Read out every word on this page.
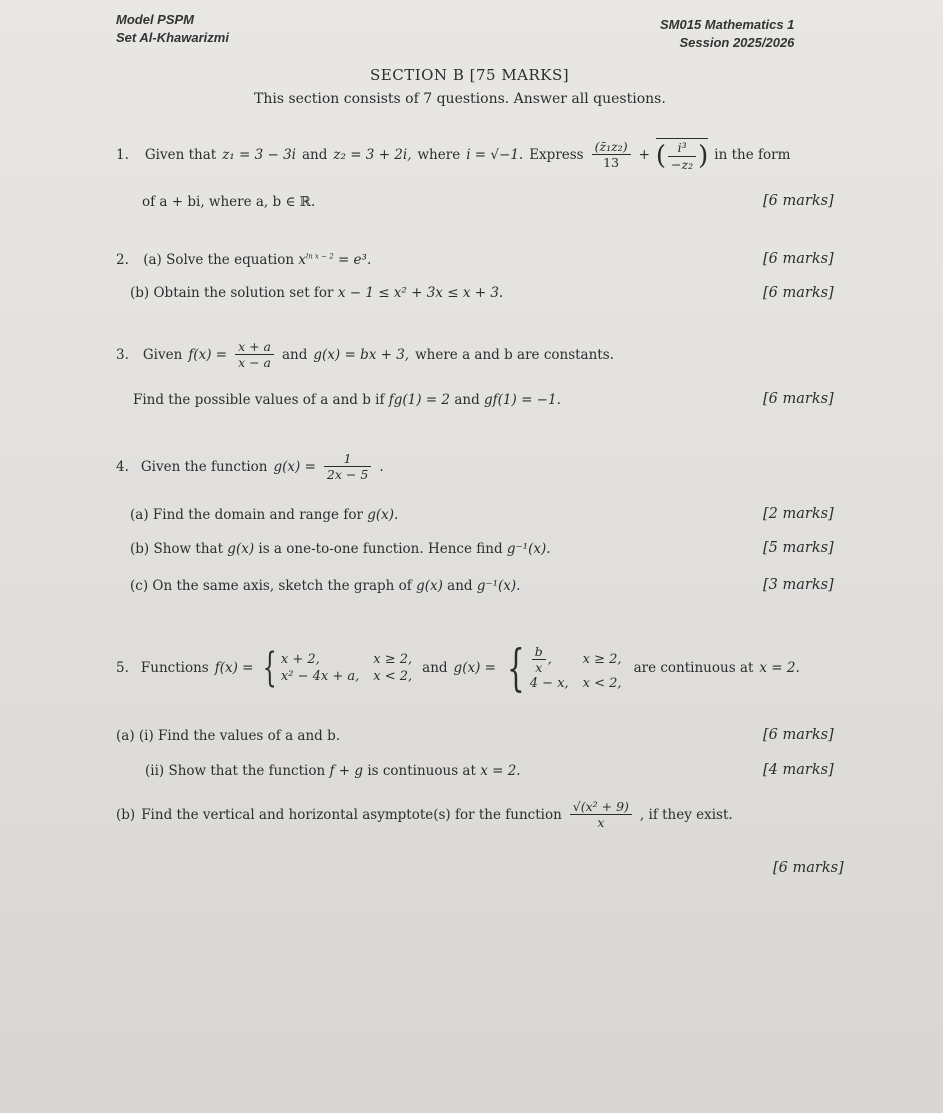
Model PSPM
Set Al-Khawarizmi
SM015 Mathematics 1
Session 2025/2026
SECTION B [75 MARKS]
This section consists of 7 questions. Answer all questions.
1. Given that z₁ = 3 − 3i and z₂ = 3 + 2i, where i = √−1. Express $\frac{\text{(z̄₁z₂)}}{13}$ + ( $\frac{\text{i³}}{\text{−z₂}}$ ) in the form
of a + bi, where a, b ∈ ℝ.	[6 marks]
2. (a) Solve the equation $x^{ln x - 2} = e^3$.	[6 marks]
(b) Obtain the solution set for x − 1 ≤ x² + 3x ≤ x + 3.	[6 marks]
3. Given $f(x) = \frac{x + a}{x - a}$ and g(x) = bx + 3, where a and b are constants.
Find the possible values of a and b if fg(1) = 2 and gf(1) = −1.	[6 marks]
4. Given the function $g(x) = \frac{1}{2x - 5}$ .
(a) Find the domain and range for g(x).	[2 marks]
(b) Show that g(x) is a one-to-one function. Hence find g⁻¹(x).	[5 marks]
(c) On the same axis, sketch the graph of g(x) and g⁻¹(x).	[3 marks]
5. Functions f(x) = { x + 2,	x ≥ 2,
x² − 4x + a, x < 2,
and g(x) = { $\frac{b}{x}$ ,	x ≥ 2,
4 − x, x < 2,
are continuous at x = 2.
(a) (i) Find the values of a and b.	[6 marks]
(ii) Show that the function f + g is continuous at x = 2.	[4 marks]
(b) Find the vertical and horizontal asymptote(s) for the function $\frac{\text{√(x² + 9)}}{x}$ , if they exist.
[6 marks]
